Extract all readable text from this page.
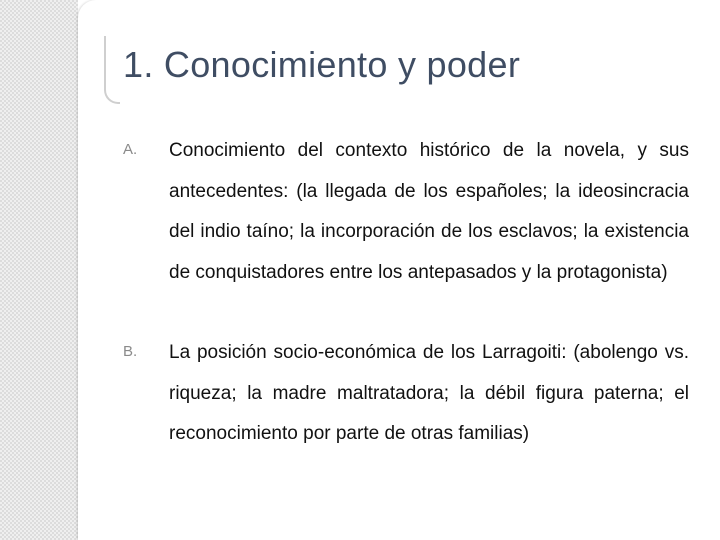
1. Conocimiento y poder
A. Conocimiento del contexto histórico de la novela, y sus antecedentes: (la llegada de los españoles; la ideosincracia del indio taíno; la incorporación de los esclavos; la existencia de conquistadores entre los antepasados y la protagonista)

B. La posición socio-económica de los Larragoiti: (abolengo vs. riqueza; la madre maltratadora; la débil figura paterna; el reconocimiento por parte de otras familias)
